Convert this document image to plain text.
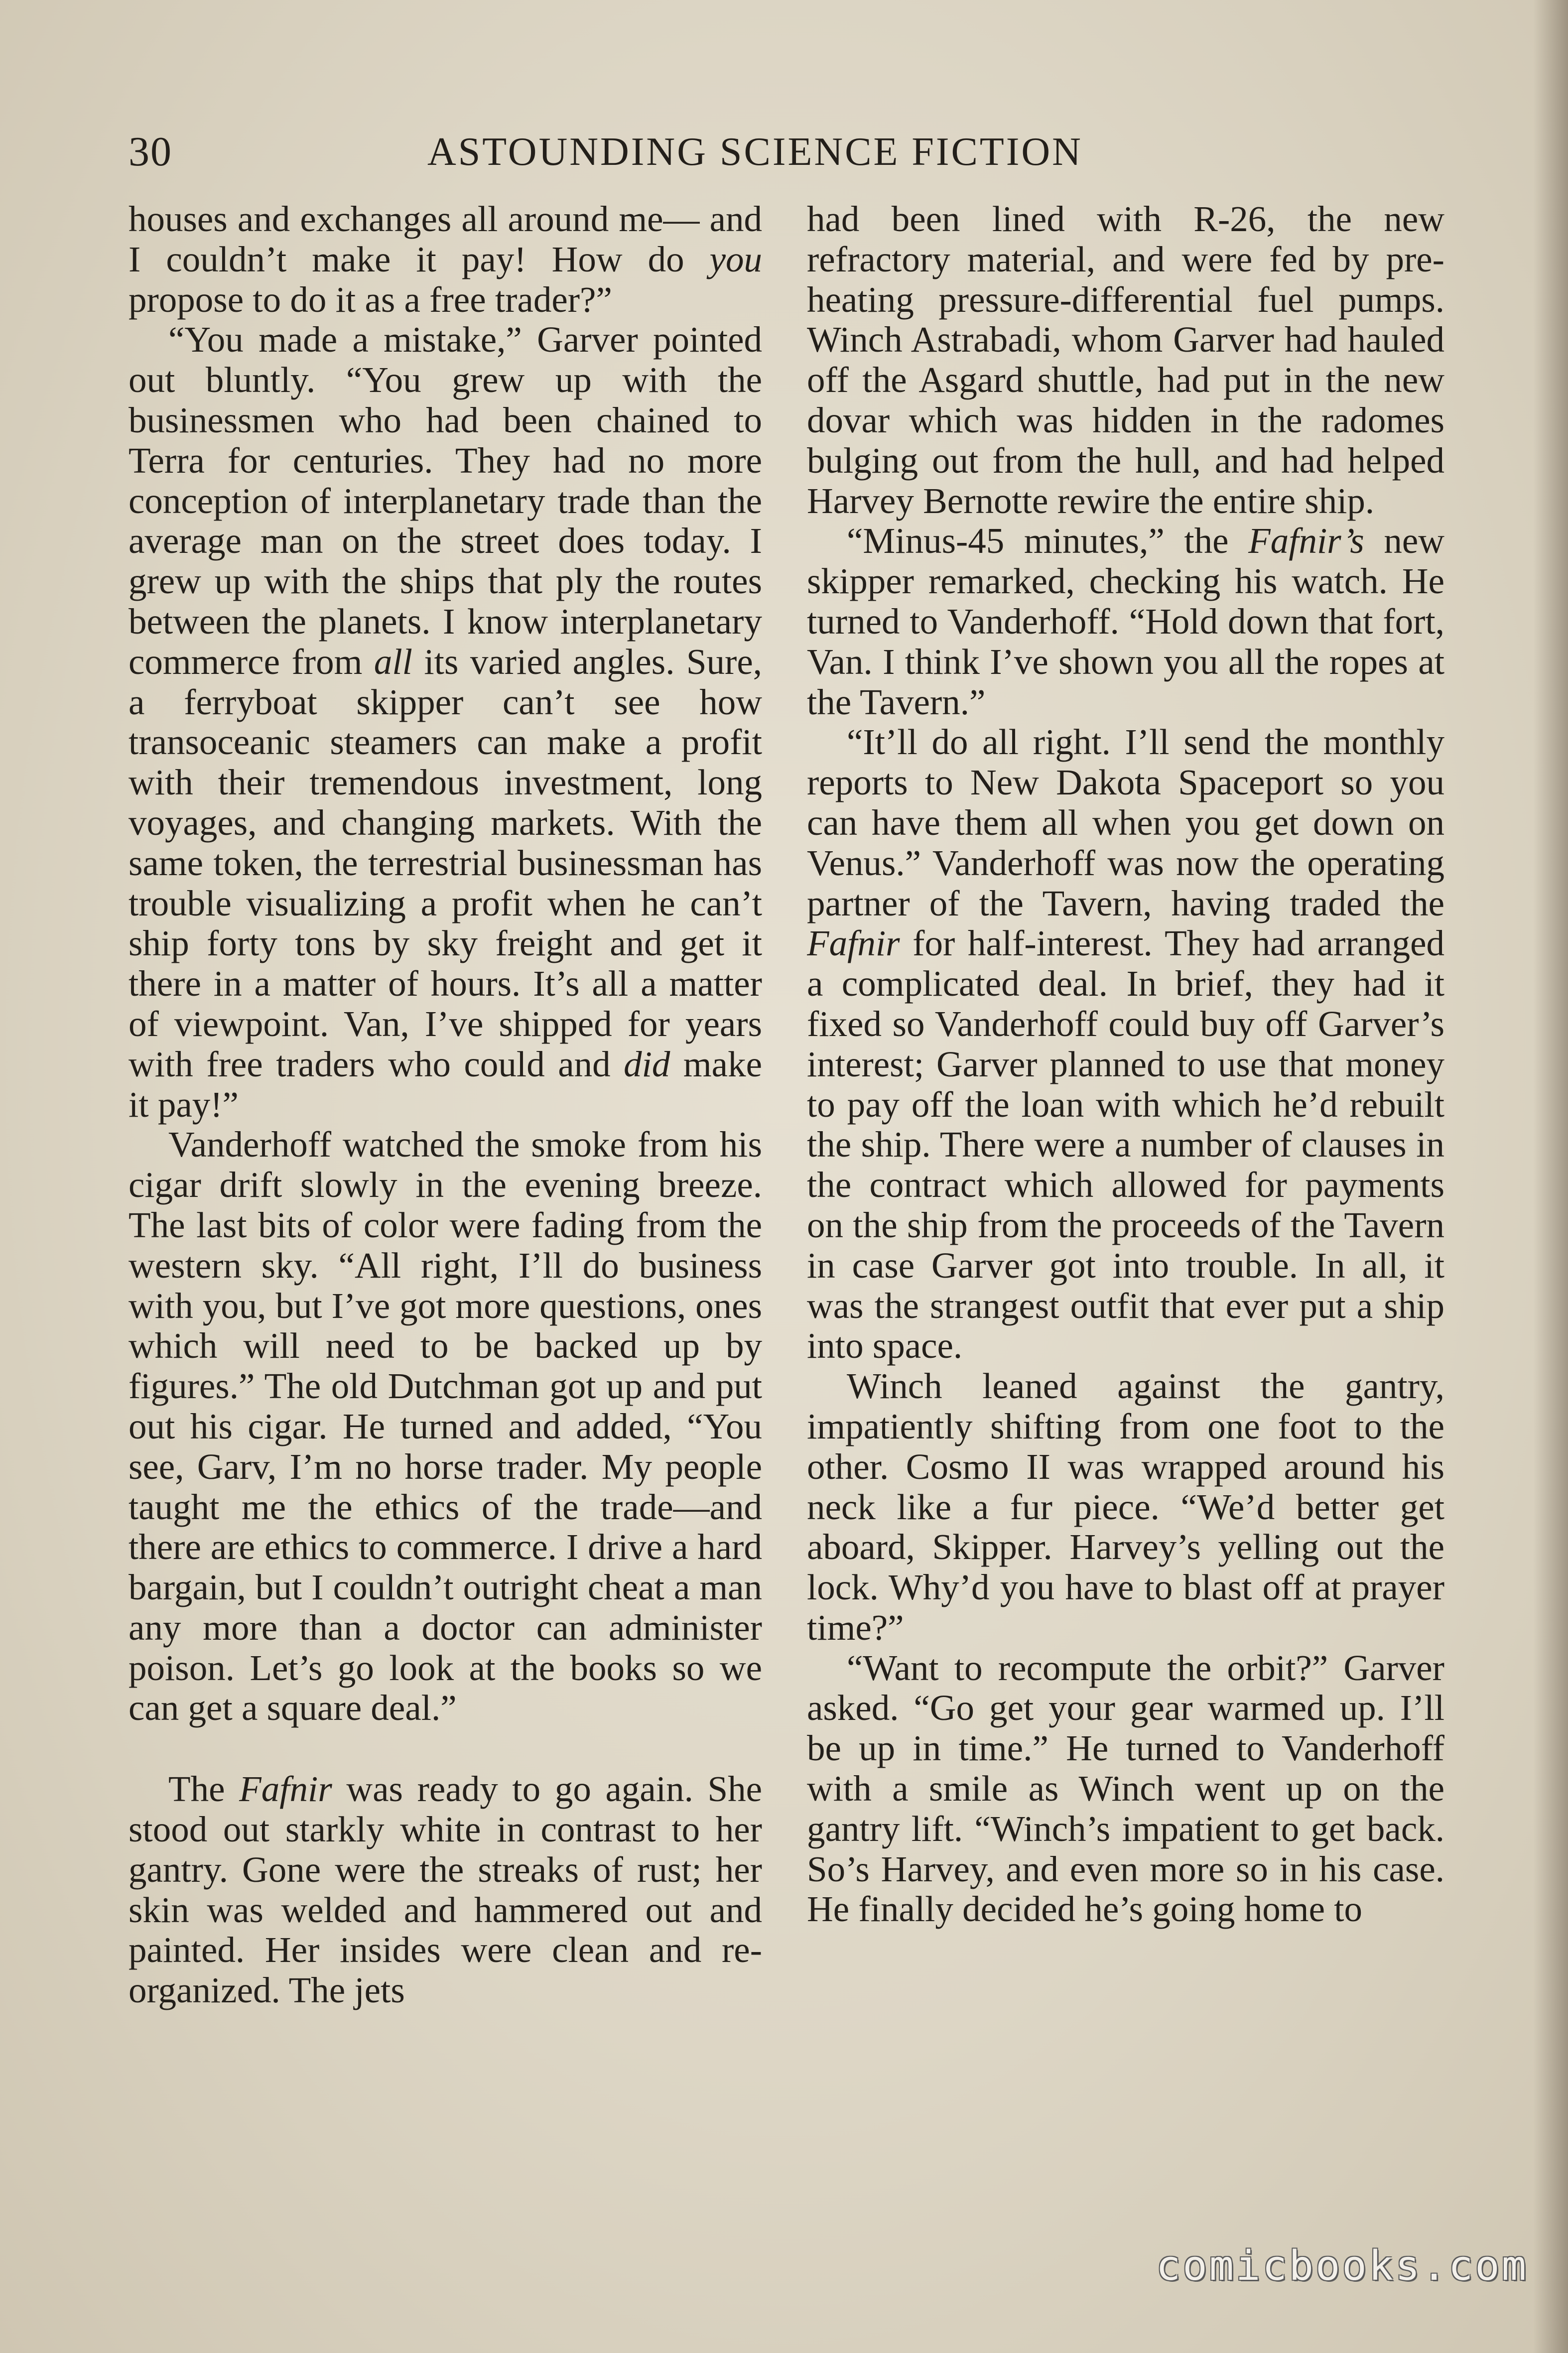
30	ASTOUNDING SCIENCE FICTION

houses and exchanges all around me— and I couldn’t make it pay! How do you propose to do it as a free trader?”

“You made a mistake,” Garver pointed out bluntly. “You grew up with the businessmen who had been chained to Terra for centuries. They had no more conception of interplanetary trade than the average man on the street does today. I grew up with the ships that ply the routes between the planets. I know interplanetary commerce from all its varied angles. Sure, a ferryboat skipper can’t see how transoceanic steamers can make a profit with their tremendous investment, long voyages, and changing markets. With the same token, the terrestrial businessman has trouble visualizing a profit when he can’t ship forty tons by sky freight and get it there in a matter of hours. It’s all a matter of viewpoint. Van, I’ve shipped for years with free traders who could and did make it pay!”

Vanderhoff watched the smoke from his cigar drift slowly in the evening breeze. The last bits of color were fading from the western sky. “All right, I’ll do business with you, but I’ve got more questions, ones which will need to be backed up by figures.” The old Dutchman got up and put out his cigar. He turned and added, “You see, Garv, I’m no horse trader. My people taught me the ethics of the trade—and there are ethics to commerce. I drive a hard bargain, but I couldn’t outright cheat a man any more than a doctor can administer poison. Let’s go look at the books so we can get a square deal.”

The Fafnir was ready to go again. She stood out starkly white in contrast to her gantry. Gone were the streaks of rust; her skin was welded and hammered out and painted. Her insides were clean and re-organized. The jets

had been lined with R-26, the new refractory material, and were fed by pre-heating pressure-differential fuel pumps. Winch Astrabadi, whom Garver had hauled off the Asgard shuttle, had put in the new dovar which was hidden in the radomes bulging out from the hull, and had helped Harvey Bernotte rewire the entire ship.

“Minus-45 minutes,” the Fafnir’s new skipper remarked, checking his watch. He turned to Vanderhoff. “Hold down that fort, Van. I think I’ve shown you all the ropes at the Tavern.”

“It’ll do all right. I’ll send the monthly reports to New Dakota Spaceport so you can have them all when you get down on Venus.” Vanderhoff was now the operating partner of the Tavern, having traded the Fafnir for half-interest. They had arranged a complicated deal. In brief, they had it fixed so Vanderhoff could buy off Garver’s interest; Garver planned to use that money to pay off the loan with which he’d rebuilt the ship. There were a number of clauses in the contract which allowed for payments on the ship from the proceeds of the Tavern in case Garver got into trouble. In all, it was the strangest outfit that ever put a ship into space.

Winch leaned against the gantry, impatiently shifting from one foot to the other. Cosmo II was wrapped around his neck like a fur piece. “We’d better get aboard, Skipper. Harvey’s yelling out the lock. Why’d you have to blast off at prayer time?”

“Want to recompute the orbit?” Garver asked. “Go get your gear warmed up. I’ll be up in time.” He turned to Vanderhoff with a smile as Winch went up on the gantry lift. “Winch’s impatient to get back. So’s Harvey, and even more so in his case. He finally decided he’s going home to

comicbooks.com
